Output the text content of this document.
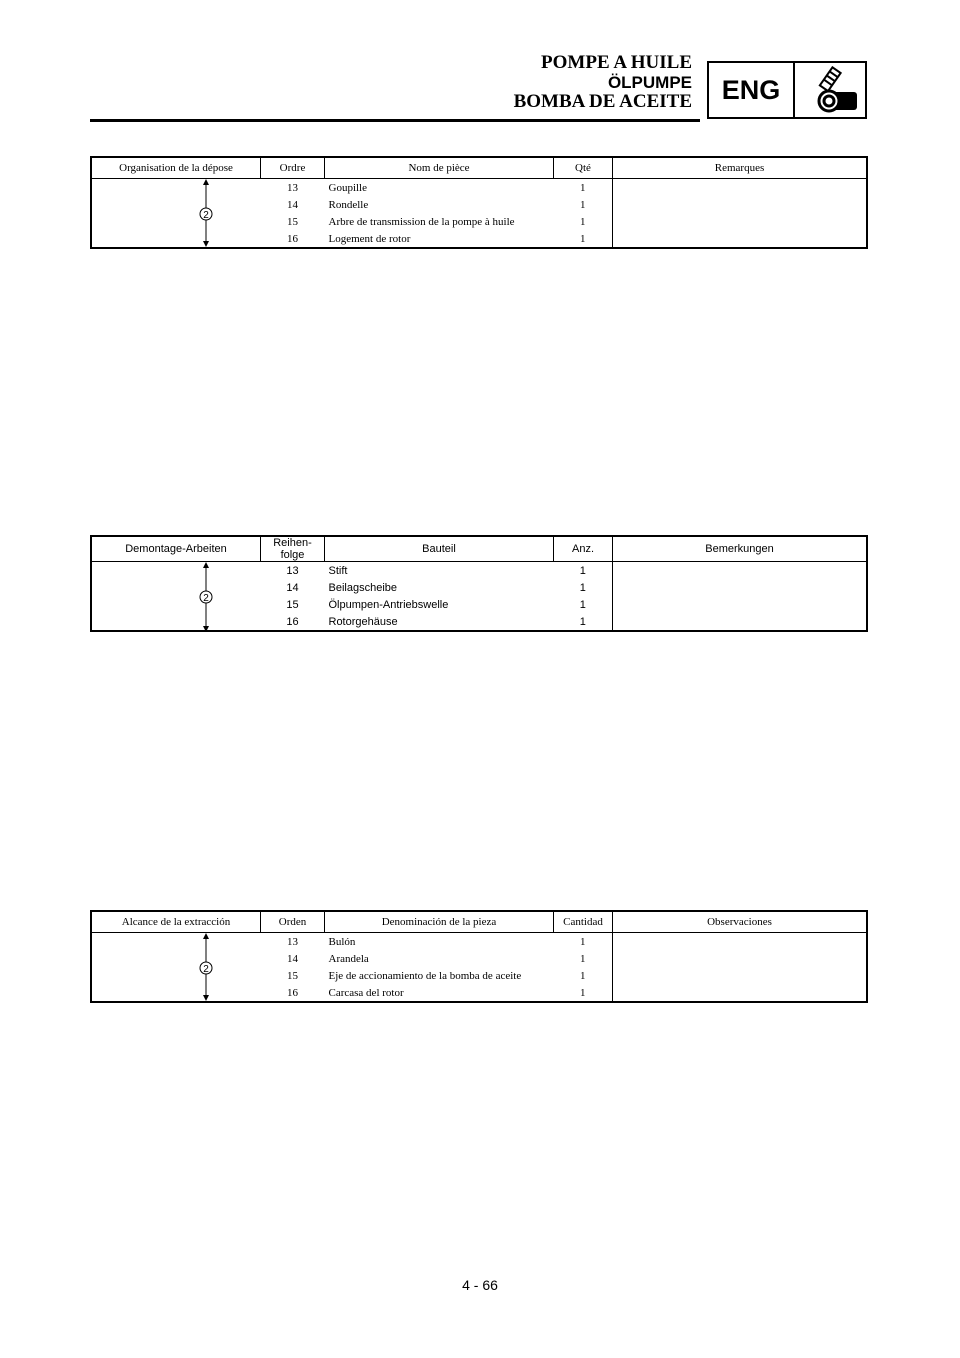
POMPE A HUILE
ÖLPUMPE
BOMBA DE ACEITE	ENG
Organisation de la dépose	Ordre	Nom de pièce	Qté	Remarques

2	13	Goupille	1	
	14	Rondelle	1	
	15	Arbre de transmission de la pompe à huile	1	
	16	Logement de rotor	1	
Demontage-Arbeiten	Reihen-
folge	Bauteil	Anz.	Bemerkungen

2	13	Stift	1	
	14	Beilagscheibe	1	
	15	Ölpumpen-Antriebswelle	1	
	16	Rotorgehäuse	1	
Alcance de la extracción	Orden	Denominación de la pieza	Cantidad	Observaciones

2	13	Bulón	1	
	14	Arandela	1	
	15	Eje de accionamiento de la bomba de aceite	1	
	16	Carcasa del rotor	1	
4 - 66
